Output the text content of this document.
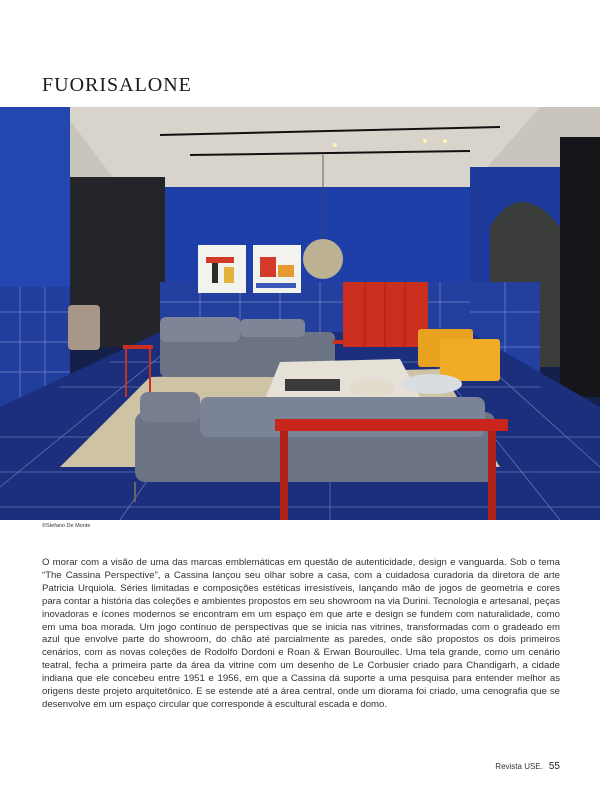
FUORISALONE
©Stefano De Monte
O morar com a visão de uma das marcas emblemáticas em questão de autenticidade, design e vanguarda. Sob o tema “The Cassina Perspective”, a Cassina lançou seu olhar sobre a casa, com a cuidadosa curadoria da diretora de arte Patricia Urquiola. Séries limitadas e composições estéticas irresistíveis, lançando mão de jogos de geometria e cores para contar a história das coleções e ambientes propostos em seu showroom na via Durini. Tecnologia e artesanal, peças inovadoras e ícones modernos se encontram em um espaço em que arte e design se fundem com naturalidade, como em uma boa morada. Um jogo contínuo de perspectivas que se inicia nas vitrines, transformadas com o gradeado em azul que envolve parte do showroom, do chão até parcialmente as paredes, onde são propostos os dois primeiros cenários, com as novas coleções de Rodolfo Dordoni e Roan & Erwan Bouroullec. Uma tela grande, como um cenário teatral, fecha a primeira parte da área da vitrine com um desenho de Le Corbusier criado para Chandigarh, a cidade indiana que ele concebeu entre 1951 e 1956, em que a Cassina dá suporte a uma pesquisa para entender melhor as origens deste projeto arquitetônico. E se estende até a área central, onde um diorama foi criado, uma cenografia que se desenvolve em um espaço circular que corresponde à escultural escada e domo.
Revista USE. 55
